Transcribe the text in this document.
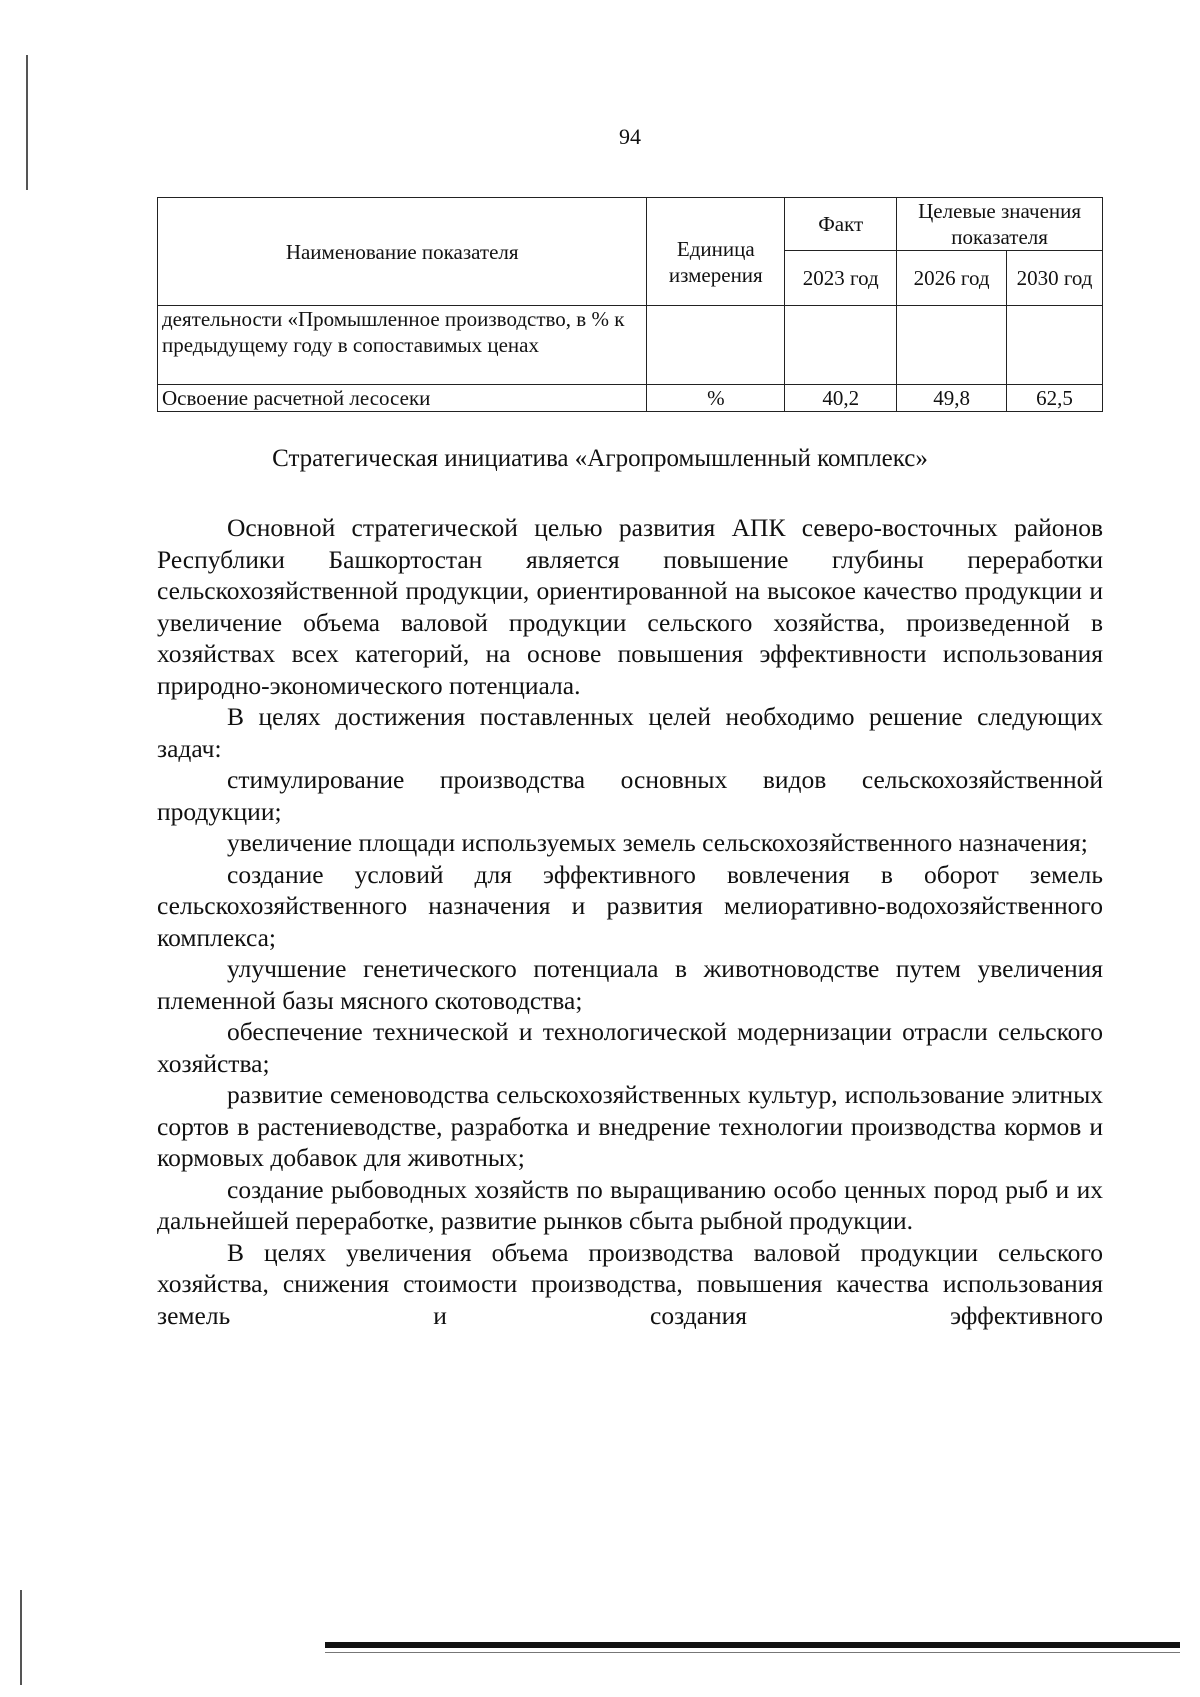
94
Наименование показателя	Единица измерения	Факт	Целевые значения показателя	
		2023 год	2026 год	2030 год
деятельности «Промышленное производство, в % к предыдущему году в сопоставимых ценах				
Освоение расчетной лесосеки	%	40,2	49,8	62,5
Стратегическая инициатива «Агропромышленный комплекс»

Основной стратегической целью развития АПК северо-восточных районов Республики Башкортостан является повышение глубины переработки сельскохозяйственной продукции, ориентированной на высокое качество продукции и увеличение объема валовой продукции сельского хозяйства, произведенной в хозяйствах всех категорий, на основе повышения эффективности использования природно-экономического потенциала.

В целях достижения поставленных целей необходимо решение следующих задач:

стимулирование производства основных видов сельскохозяйственной продукции;

увеличение площади используемых земель сельскохозяйственного назначения;

создание условий для эффективного вовлечения в оборот земель сельскохозяйственного назначения и развития мелиоративно-водохозяйственного комплекса;

улучшение генетического потенциала в животноводстве путем увеличения племенной базы мясного скотоводства;

обеспечение технической и технологической модернизации отрасли сельского хозяйства;

развитие семеноводства сельскохозяйственных культур, использование элитных сортов в растениеводстве, разработка и внедрение технологии производства кормов и кормовых добавок для животных;

создание рыбоводных хозяйств по выращиванию особо ценных пород рыб и их дальнейшей переработке, развитие рынков сбыта рыбной продукции.

В целях увеличения объема производства валовой продукции сельского хозяйства, снижения стоимости производства, повышения качества использования земель и создания эффективного
